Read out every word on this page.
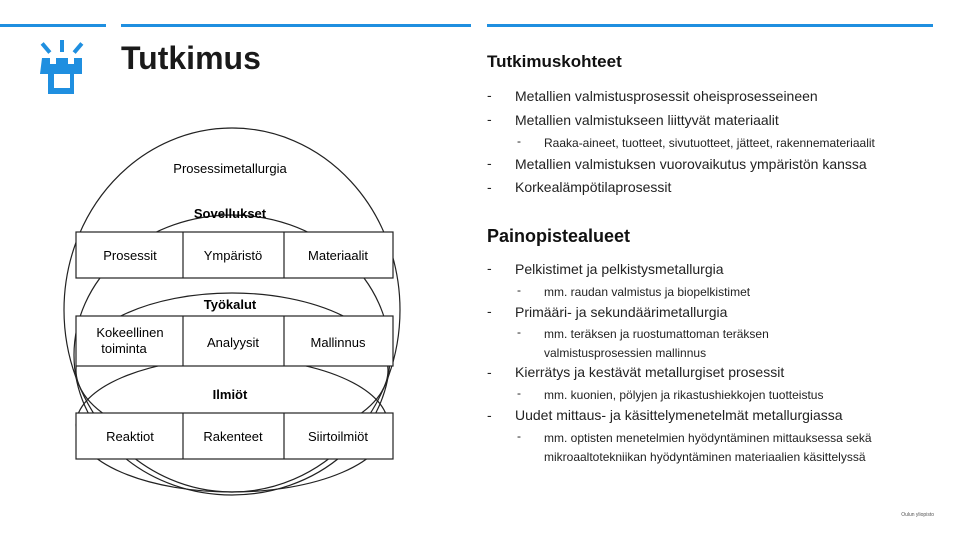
Tutkimus
Prosessimetallurgia
Sovellukset
Työkalut
Ilmiöt
Prosessit	Ympäristö	Materiaalit
Kokeellinen toiminta	Analyysit	Mallinnus
Reaktiot	Rakenteet	Siirtoilmiöt
Tutkimuskohteet
- Metallien valmistusprosessit oheisprosesseineen
- Metallien valmistukseen liittyvät materiaalit
- Raaka-aineet, tuotteet, sivutuotteet, jätteet, rakennemateriaalit
- Metallien valmistuksen vuorovaikutus ympäristön kanssa
- Korkealämpötilaprosessit
Painopistealueet
- Pelkistimet ja pelkistysmetallurgia
- mm. raudan valmistus ja biopelkistimet
- Primääri- ja sekundäärimetallurgia
- mm. teräksen ja ruostumattoman teräksen
valmistusprosessien mallinnus
- Kierrätys ja kestävät metallurgiset prosessit
- mm. kuonien, pölyjen ja rikastushiekkojen tuotteistus
- Uudet mittaus- ja käsittelymenetelmät metallurgiassa
- mm. optisten menetelmien hyödyntäminen mittauksessa sekä
mikroaaltotekniikan hyödyntäminen materiaalien käsittelyssä
Oulun yliopisto
